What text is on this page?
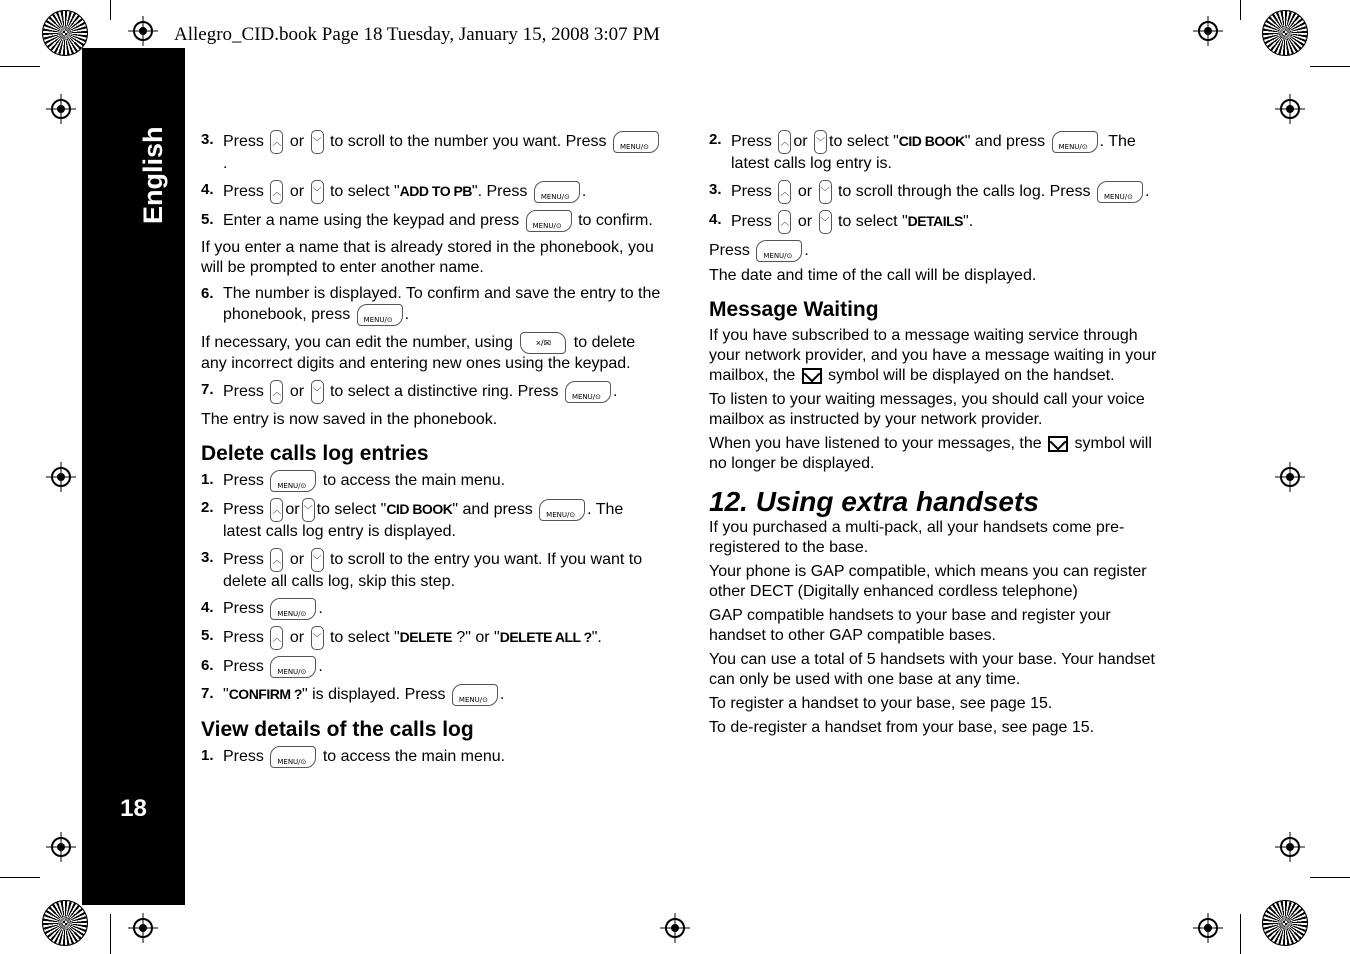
Allegro_CID.book Page 18 Tuesday, January 15, 2008 3:07 PM
English
18
3. Press ︿ or ﹀ to scroll to the number you want. Press MENU/⊙.
4. Press ︿ or ﹀ to select "ADD TO PB". Press MENU/⊙	.
5. Enter a name using the keypad and press MENU/⊙	to confirm.
If you enter a name that is already stored in the phonebook, you will be prompted to enter another name.
6. The number is displayed. To confirm and save the entry to the phonebook, press MENU/⊙	.
If necessary, you can edit the number, using	×/✉ to delete any incorrect digits and entering new ones using the keypad.
7. Press ︿ or ﹀ to select a distinctive ring. Press MENU/⊙	.
The entry is now saved in the phonebook.
Delete calls log entries
1. Press MENU/⊙	to access the main menu.
2. Press ︿ or ﹀ to select "CID BOOK" and press MENU/⊙	. The latest calls log entry is displayed.
3. Press ︿ or ﹀ to scroll to the entry you want. If you want to delete all calls log, skip this step.
4. Press MENU/⊙	.
5. Press ︿ or ﹀ to select "DELETE ?" or "DELETE ALL ?".
6. Press MENU/⊙	.
7. "CONFIRM ?" is displayed. Press MENU/⊙	.
View details of the calls log
1. Press MENU/⊙	to access the main menu.
2. Press ︿ or ﹀ to select "CID BOOK" and press MENU/⊙	. The latest calls log entry is.
3. Press ︿ or ﹀ to scroll through the calls log. Press MENU/⊙	.
4. Press ︿ or ﹀ to select "DETAILS".
Press MENU/⊙	.
The date and time of the call will be displayed.
Message Waiting
If you have subscribed to a message waiting service through your network provider, and you have a message waiting in your mailbox, the symbol will be displayed on the handset.
To listen to your waiting messages, you should call your voice mailbox as instructed by your network provider.
When you have listened to your messages, the symbol will no longer be displayed.
12. Using extra handsets
If you purchased a multi-pack, all your handsets come pre-registered to the base.
Your phone is GAP compatible, which means you can register other DECT (Digitally enhanced cordless telephone)
GAP compatible handsets to your base and register your handset to other GAP compatible bases.
You can use a total of 5 handsets with your base. Your handset can only be used with one base at any time.
To register a handset to your base, see page 15.
To de-register a handset from your base, see page 15.
